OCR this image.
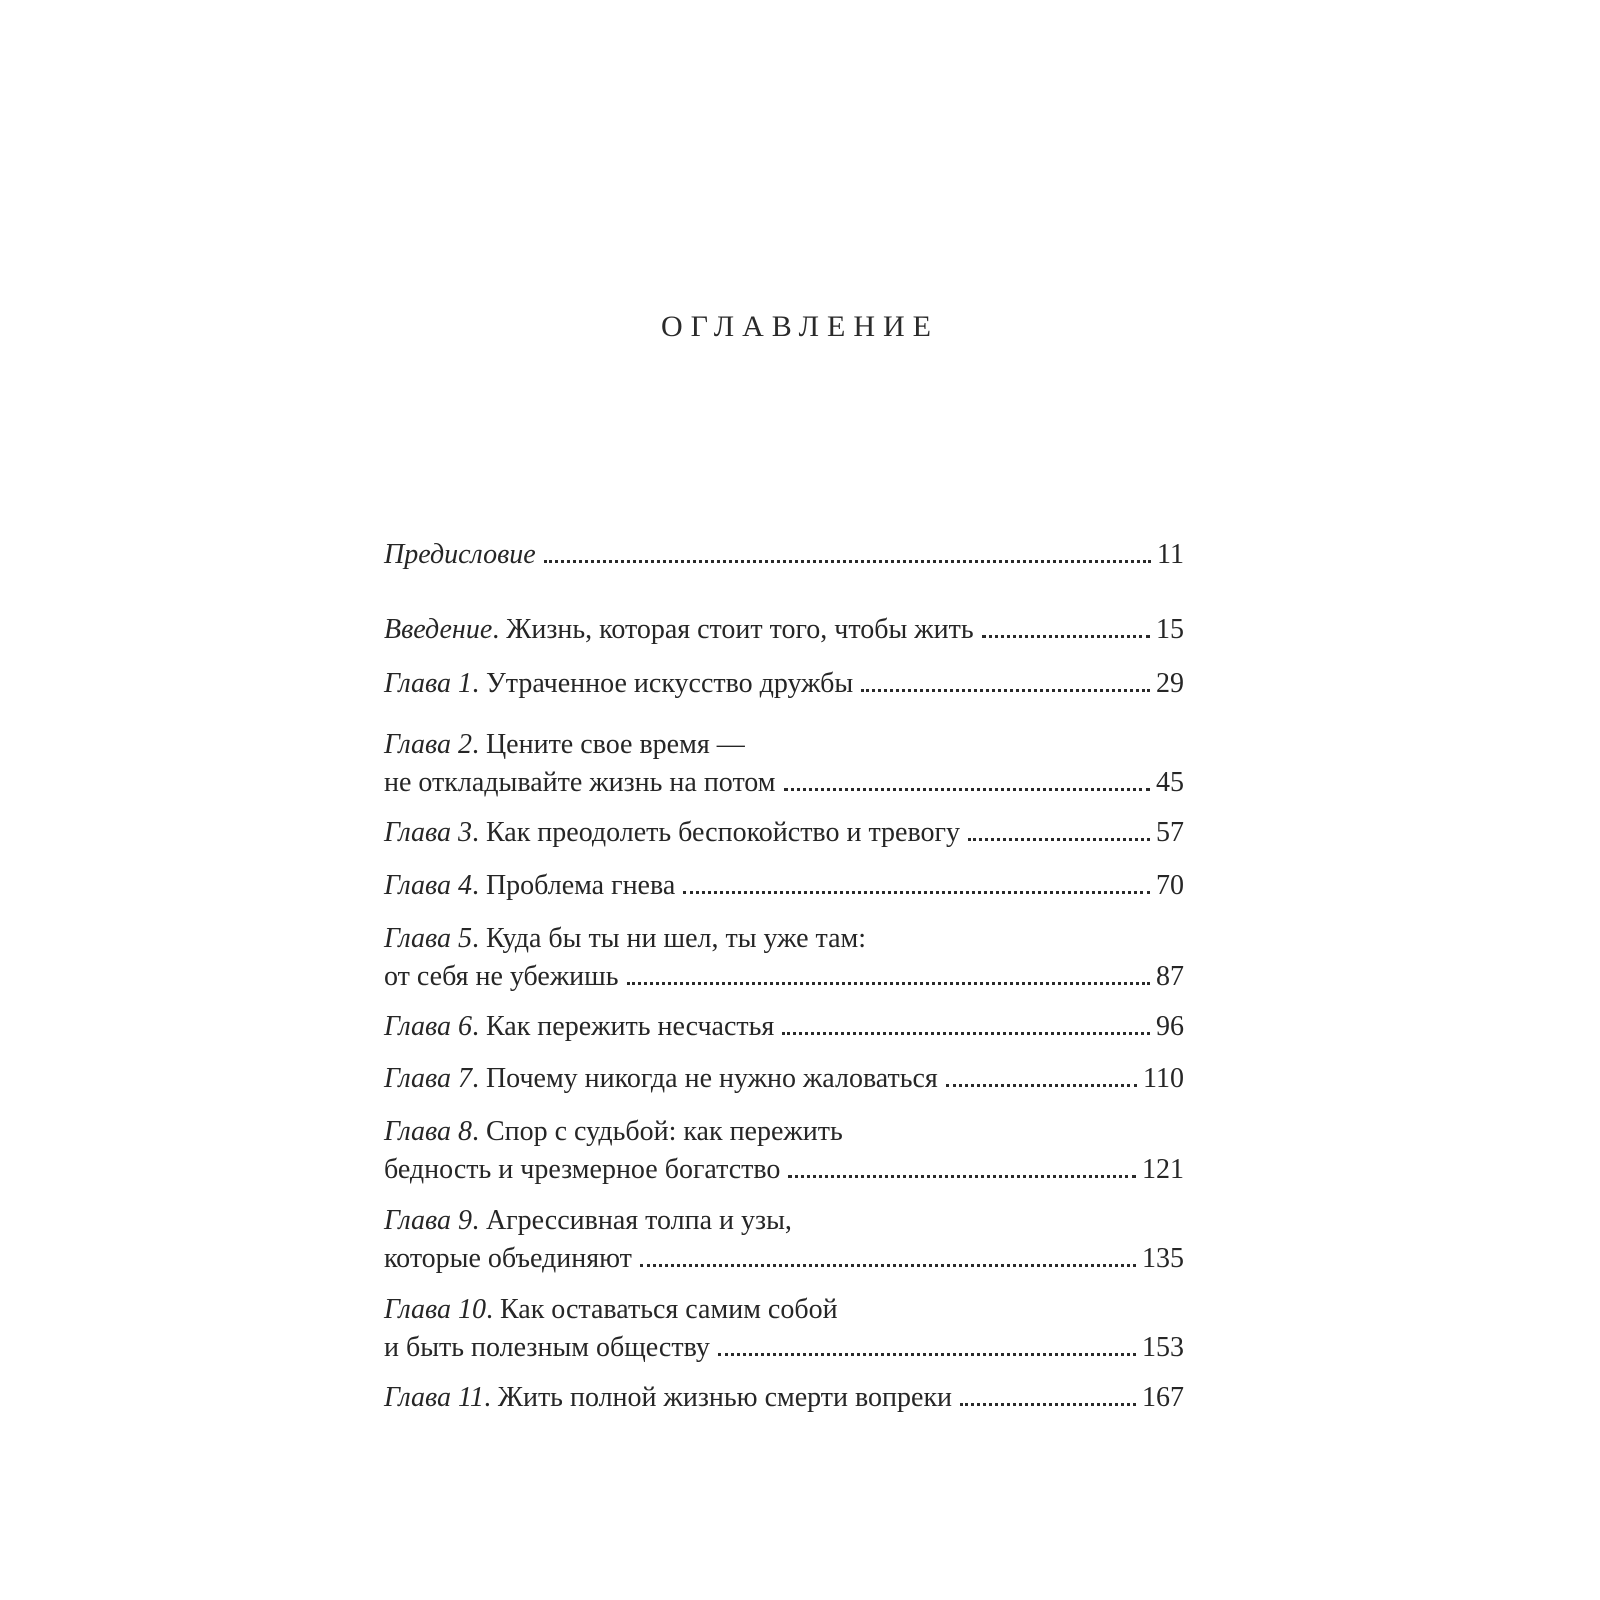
ОГЛАВЛЕНИЕ
Предисловие	11
Введение. Жизнь, которая стоит того, чтобы жить	15
Глава 1. Утраченное искусство дружбы	29
Глава 2. Цените свое время —
не откладывайте жизнь на потом	45
Глава 3. Как преодолеть беспокойство и тревогу	57
Глава 4. Проблема гнева	70
Глава 5. Куда бы ты ни шел, ты уже там:
от себя не убежишь	87
Глава 6. Как пережить несчастья	96
Глава 7. Почему никогда не нужно жаловаться	110
Глава 8. Спор с судьбой: как пережить
бедность и чрезмерное богатство	121
Глава 9. Агрессивная толпа и узы,
которые объединяют	135
Глава 10. Как оставаться самим собой
и быть полезным обществу	153
Глава 11. Жить полной жизнью смерти вопреки	167
